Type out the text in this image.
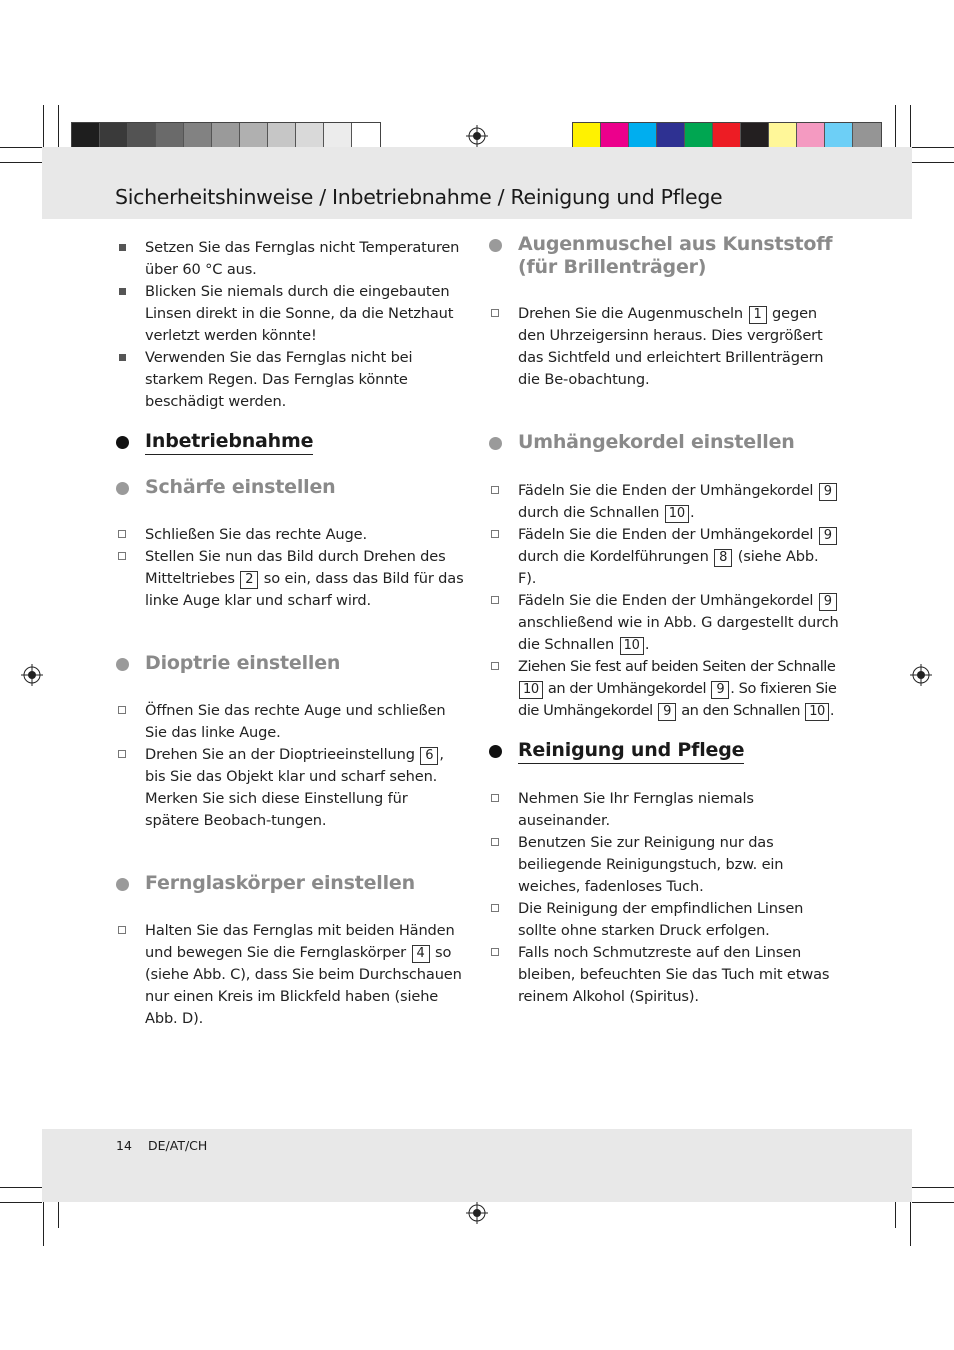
Sicherheitshinweise / Inbetriebnahme / Reinigung und Pflege
Setzen Sie das Fernglas nicht Temperaturen über 60 °C aus.
Blicken Sie niemals durch die eingebauten Linsen direkt in die Sonne, da die Netzhaut verletzt werden könnte!
Verwenden Sie das Fernglas nicht bei starkem Regen. Das Fernglas könnte beschädigt werden.
Inbetriebnahme
Schärfe einstellen
Schließen Sie das rechte Auge.
Stellen Sie nun das Bild durch Drehen des Mitteltriebes 2 so ein, dass das Bild für das linke Auge klar und scharf wird.
Dioptrie einstellen
Öffnen Sie das rechte Auge und schließen Sie das linke Auge.
Drehen Sie an der Dioptrieeinstellung 6 , bis Sie das Objekt klar und scharf sehen. Merken Sie sich diese Einstellung für spätere Beobach-tungen.
Fernglaskörper einstellen
Halten Sie das Fernglas mit beiden Händen und bewegen Sie die Fernglaskörper 4 so (siehe Abb. C), dass Sie beim Durchschauen nur einen Kreis im Blickfeld haben (siehe Abb. D).
Augenmuschel aus Kunststoff
(für Brillenträger)
Drehen Sie die Augenmuscheln 1 gegen den Uhrzeigersinn heraus. Dies vergrößert das Sichtfeld und erleichtert Brillenträgern die Be-obachtung.
Umhängekordel einstellen
Fädeln Sie die Enden der Umhängekordel 9 durch die Schnallen 10 .
Fädeln Sie die Enden der Umhängekordel 9 durch die Kordelführungen 8 (siehe Abb. F).
Fädeln Sie die Enden der Umhängekordel 9 anschließend wie in Abb. G dargestellt durch die Schnallen 10 .
Ziehen Sie fest auf beiden Seiten der Schnalle 10 an der Umhängekordel 9 . So fixieren Sie die Umhängekordel 9 an den Schnallen 10 .
Reinigung und Pflege
Nehmen Sie Ihr Fernglas niemals auseinander.
Benutzen Sie zur Reinigung nur das beiliegende Reinigungstuch, bzw. ein weiches, fadenloses Tuch.
Die Reinigung der empfindlichen Linsen sollte ohne starken Druck erfolgen.
Falls noch Schmutzreste auf den Linsen bleiben, befeuchten Sie das Tuch mit etwas reinem Alkohol (Spiritus).
14 DE/AT/CH
